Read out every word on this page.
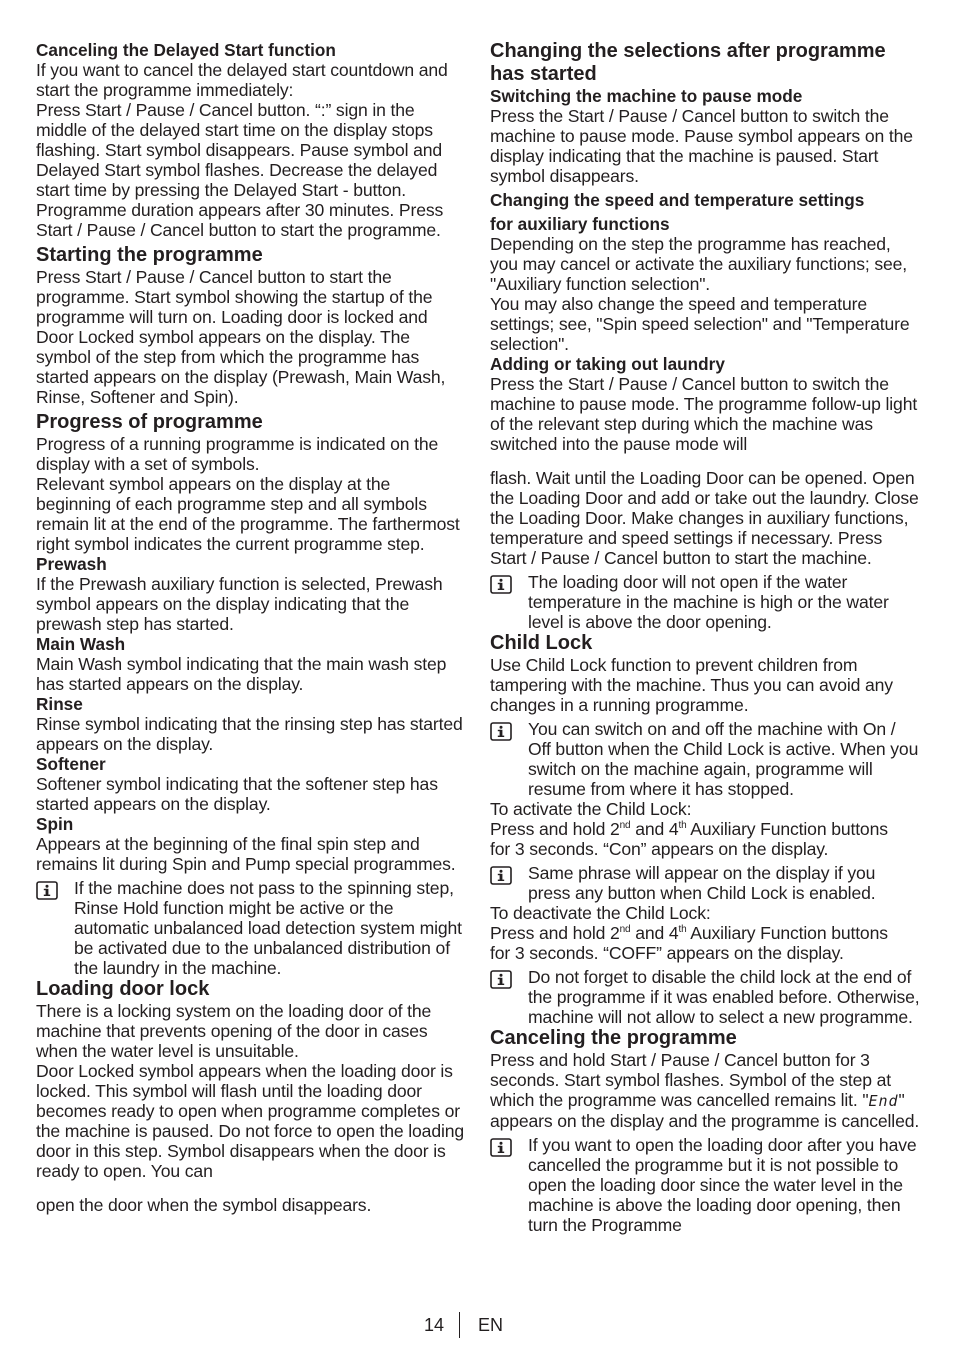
Canceling the Delayed Start function

If you want to cancel the delayed start countdown and start the programme immediately:

Press Start / Pause / Cancel button. “:” sign in the middle of the delayed start time on the display stops flashing. Start symbol disappears. Pause symbol and Delayed Start symbol flashes. Decrease the delayed start time by pressing the Delayed Start - button. Programme duration appears after 30 minutes. Press Start / Pause / Cancel button to start the programme.

Starting the programme

Press Start / Pause / Cancel button to start the programme. Start symbol showing the startup of the programme will turn on. Loading door is locked and Door Locked symbol appears on the display. The symbol of the step from which the programme has started appears on the display (Prewash, Main Wash, Rinse, Softener and Spin).

Progress of programme

Progress of a running programme is indicated on the display with a set of symbols.

Relevant symbol appears on the display at the beginning of each programme step and all symbols remain lit at the end of the programme. The farthermost right symbol indicates the current programme step.

Prewash

If the Prewash auxiliary function is selected, Prewash symbol appears on the display indicating that the prewash step has started.

Main Wash

Main Wash symbol indicating that the main wash step has started appears on the display.

Rinse

Rinse symbol indicating that the rinsing step has started appears on the display.

Softener

Softener symbol indicating that the softener step has started appears on the display.

Spin

Appears at the beginning of the final spin step and remains lit during Spin and Pump special programmes.

If the machine does not pass to the spinning step, Rinse Hold function might be active or the automatic unbalanced load detection system might be activated due to the unbalanced distribution of the laundry in the machine.

Loading door lock

There is a locking system on the loading door of the machine that prevents opening of the door in cases when the water level is unsuitable.

Door Locked symbol appears when the loading door is locked. This symbol will flash until the loading door becomes ready to open when programme completes or the machine is paused. Do not force to open the loading door in this step. Symbol disappears when the door is ready to open. You can

open the door when the symbol disappears.

Changing the selections after programme has started

Switching the machine to pause mode

Press the Start / Pause / Cancel button to switch the machine to pause mode. Pause symbol appears on the display indicating that the machine is paused. Start symbol disappears.

Changing the speed and temperature settings

for auxiliary functions

Depending on the step the programme has reached, you may cancel or activate the auxiliary functions; see, "Auxiliary function selection".

You may also change the speed and temperature settings; see, "Spin speed selection" and "Temperature selection".

Adding or taking out laundry

Press the Start / Pause / Cancel button to switch the machine to pause mode. The programme follow-up light of the relevant step during which the machine was switched into the pause mode will

flash. Wait until the Loading Door can be opened. Open the Loading Door and add or take out the laundry. Close the Loading Door. Make changes in auxiliary functions, temperature and speed settings if necessary. Press Start / Pause / Cancel button to start the machine.

The loading door will not open if the water temperature in the machine is high or the water level is above the door opening.

Child Lock

Use Child Lock function to prevent children from tampering with the machine. Thus you can avoid any changes in a running programme.

You can switch on and off the machine with On / Off button when the Child Lock is active. When you switch on the machine again, programme will resume from where it has stopped.

To activate the Child Lock:

Press and hold 2nd and 4th Auxiliary Function buttons

for 3 seconds. “Con” appears on the display.

Same phrase will appear on the display if you press any button when Child Lock is enabled.

To deactivate the Child Lock:

Press and hold 2nd and 4th Auxiliary Function buttons

for 3 seconds. “COFF” appears on the display.

Do not forget to disable the child lock at the end of the programme if it was enabled before. Otherwise, machine will not allow to select a new programme.

Canceling the programme

Press and hold Start / Pause / Cancel button for 3 seconds. Start symbol flashes. Symbol of the step at which the programme was cancelled remains lit. "End" appears on the display and the programme is cancelled.

If you want to open the loading door after you have cancelled the programme but it is not possible to open the loading door since the water level in the machine is above the loading door opening, then turn the Programme

14 EN
